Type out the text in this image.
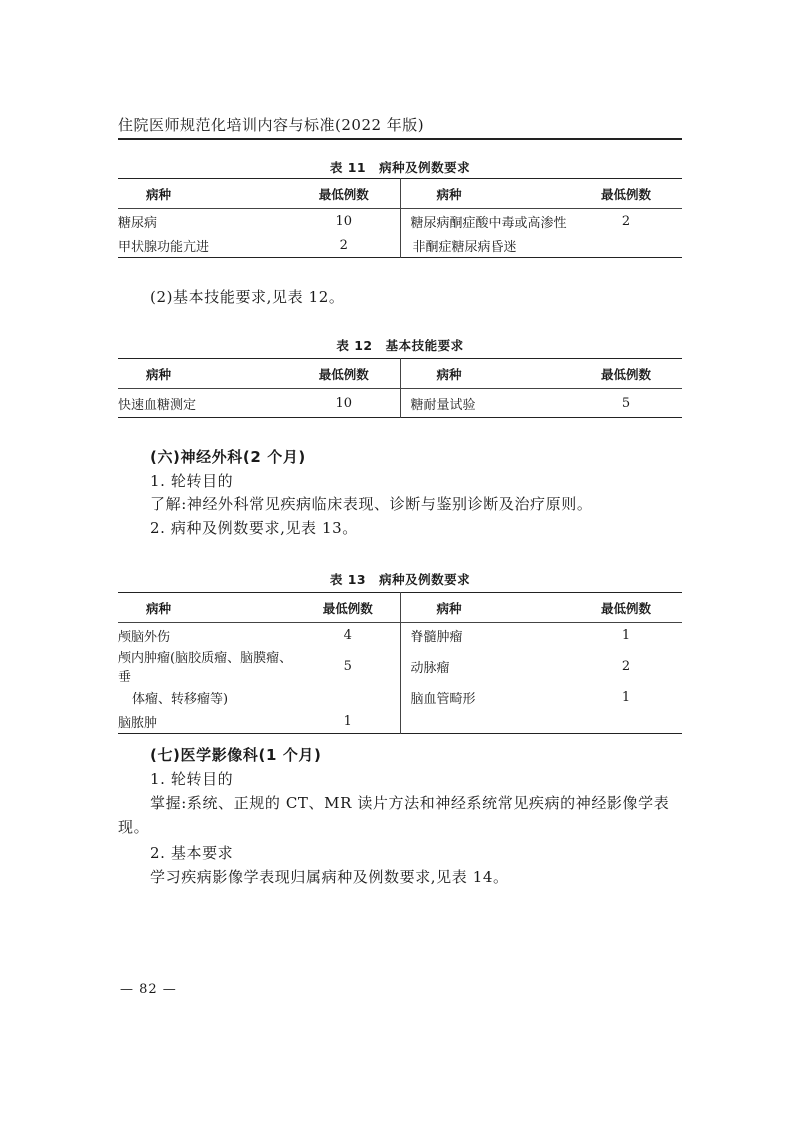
住院医师规范化培训内容与标准(2022 年版)
表 11　病种及例数要求
病种	最低例数	病种	最低例数
糖尿病	10	糖尿病酮症酸中毒或高渗性	2
甲状腺功能亢进	2	非酮症糖尿病昏迷	
(2)基本技能要求,见表 12。
表 12　基本技能要求
病种	最低例数	病种	最低例数
快速血糖测定	10	糖耐量试验	5
(六)神经外科(2 个月)
1. 轮转目的
了解:神经外科常见疾病临床表现、诊断与鉴别诊断及治疗原则。
2. 病种及例数要求,见表 13。
表 13　病种及例数要求
病种	最低例数	病种	最低例数
颅脑外伤	4	脊髓肿瘤	1
颅内肿瘤(脑胶质瘤、脑膜瘤、垂	5	动脉瘤	2
体瘤、转移瘤等)		脑血管畸形	1
脑脓肿	1		
(七)医学影像科(1 个月)
1. 轮转目的
掌握:系统、正规的 CT、MR 读片方法和神经系统常见疾病的神经影像学表现。
2. 基本要求
学习疾病影像学表现归属病种及例数要求,见表 14。
— 82 —
